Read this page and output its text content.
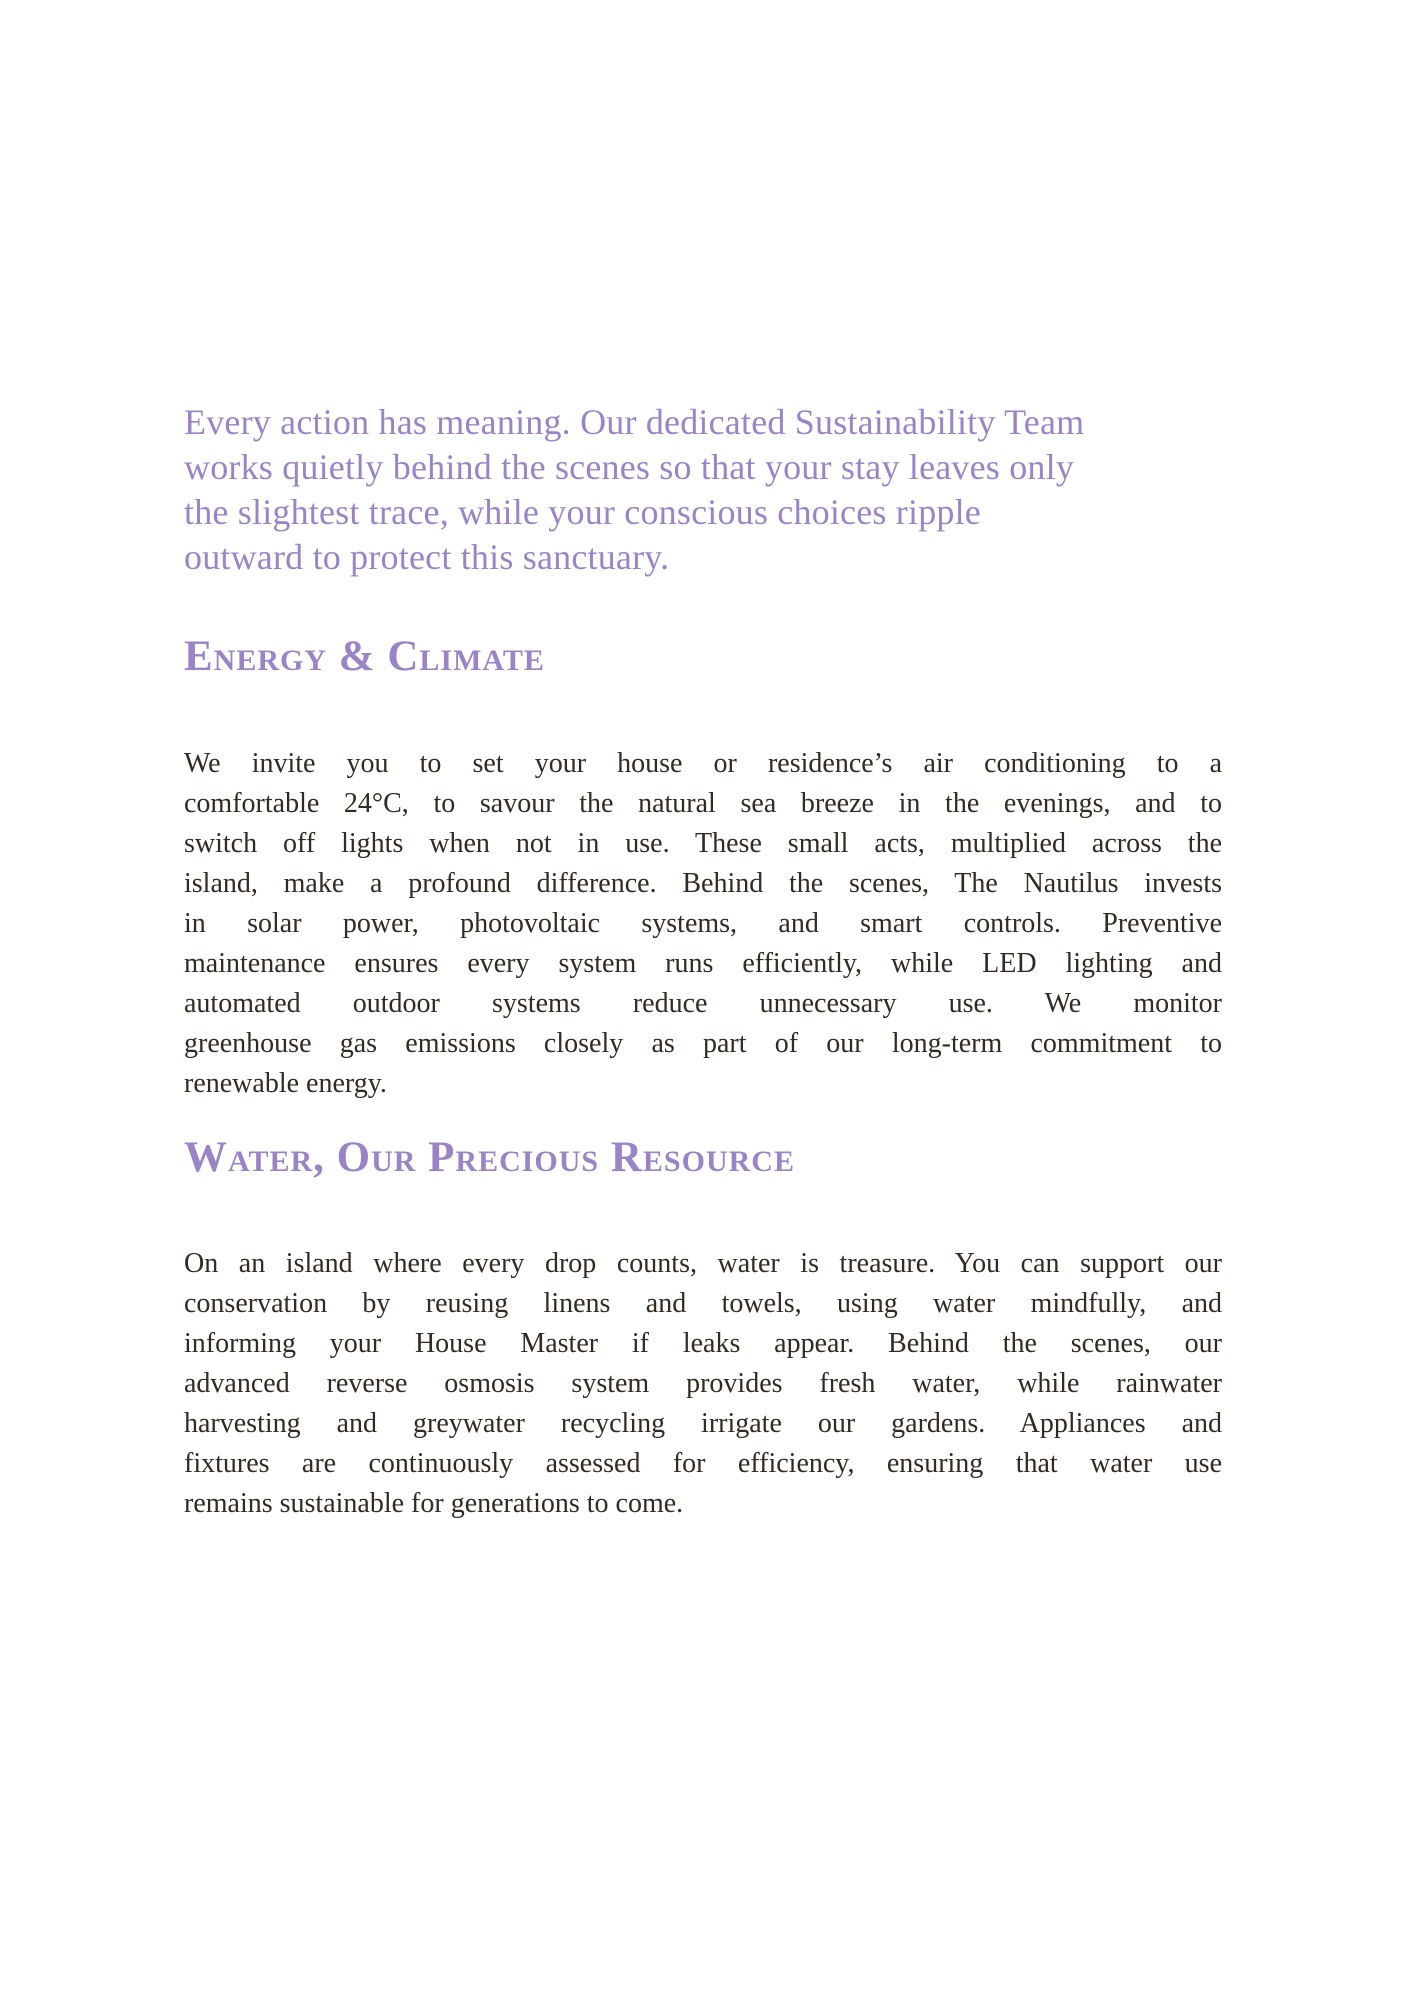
Every action has meaning. Our dedicated Sustainability Team
works quietly behind the scenes so that your stay leaves only
the slightest trace, while your conscious choices ripple
outward to protect this sanctuary.
Energy & Climate
We invite you to set your house or residence’s air conditioning to a
comfortable 24°C, to savour the natural sea breeze in the evenings, and to
switch off lights when not in use. These small acts, multiplied across the
island, make a profound difference. Behind the scenes, The Nautilus invests
in solar power, photovoltaic systems, and smart controls. Preventive
maintenance ensures every system runs efficiently, while LED lighting and
automated outdoor systems reduce unnecessary use. We monitor
greenhouse gas emissions closely as part of our long-term commitment to
renewable energy.
Water, Our Precious Resource
On an island where every drop counts, water is treasure. You can support our
conservation by reusing linens and towels, using water mindfully, and
informing your House Master if leaks appear. Behind the scenes, our
advanced reverse osmosis system provides fresh water, while rainwater
harvesting and greywater recycling irrigate our gardens. Appliances and
fixtures are continuously assessed for efficiency, ensuring that water use
remains sustainable for generations to come.
